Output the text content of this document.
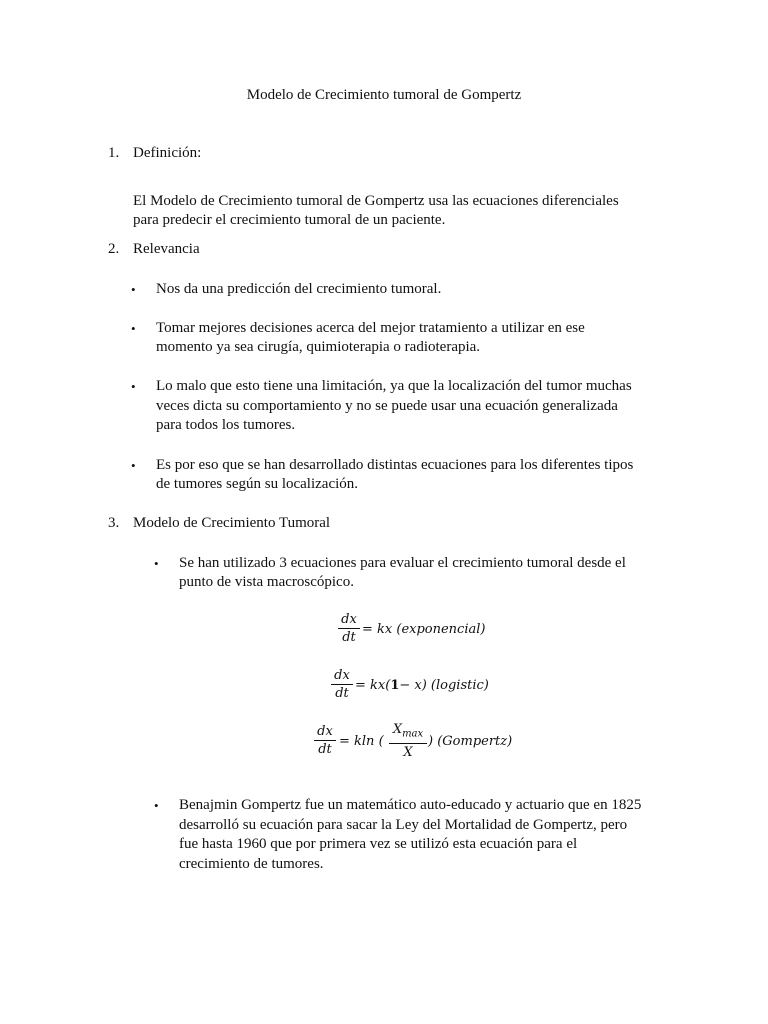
Modelo de Crecimiento tumoral de Gompertz
1. Definición:
El Modelo de Crecimiento tumoral de Gompertz usa las ecuaciones diferenciales
para predecir el crecimiento tumoral de un paciente.
2. Relevancia
• Nos da una predicción del crecimiento tumoral.
• Tomar mejores decisiones acerca del mejor tratamiento a utilizar en ese
momento ya sea cirugía, quimioterapia o radioterapia.
• Lo malo que esto tiene una limitación, ya que la localización del tumor muchas
veces dicta su comportamiento y no se puede usar una ecuación generalizada
para todos los tumores.
• Es por eso que se han desarrollado distintas ecuaciones para los diferentes tipos
de tumores según su localización.
3. Modelo de Crecimiento Tumoral
• Se han utilizado 3 ecuaciones para evaluar el crecimiento tumoral desde el
punto de vista macroscópico.
dx
dt
= kx (exponencial)
dx
dt
= kx(1− x) (logistic)
dx
dt
= kln (
$X_{max}$
X
) (Gompertz)
• Benajmin Gompertz fue un matemático auto-educado y actuario que en 1825
desarrolló su ecuación para sacar la Ley del Mortalidad de Gompertz, pero
fue hasta 1960 que por primera vez se utilizó esta ecuación para el
crecimiento de tumores.
